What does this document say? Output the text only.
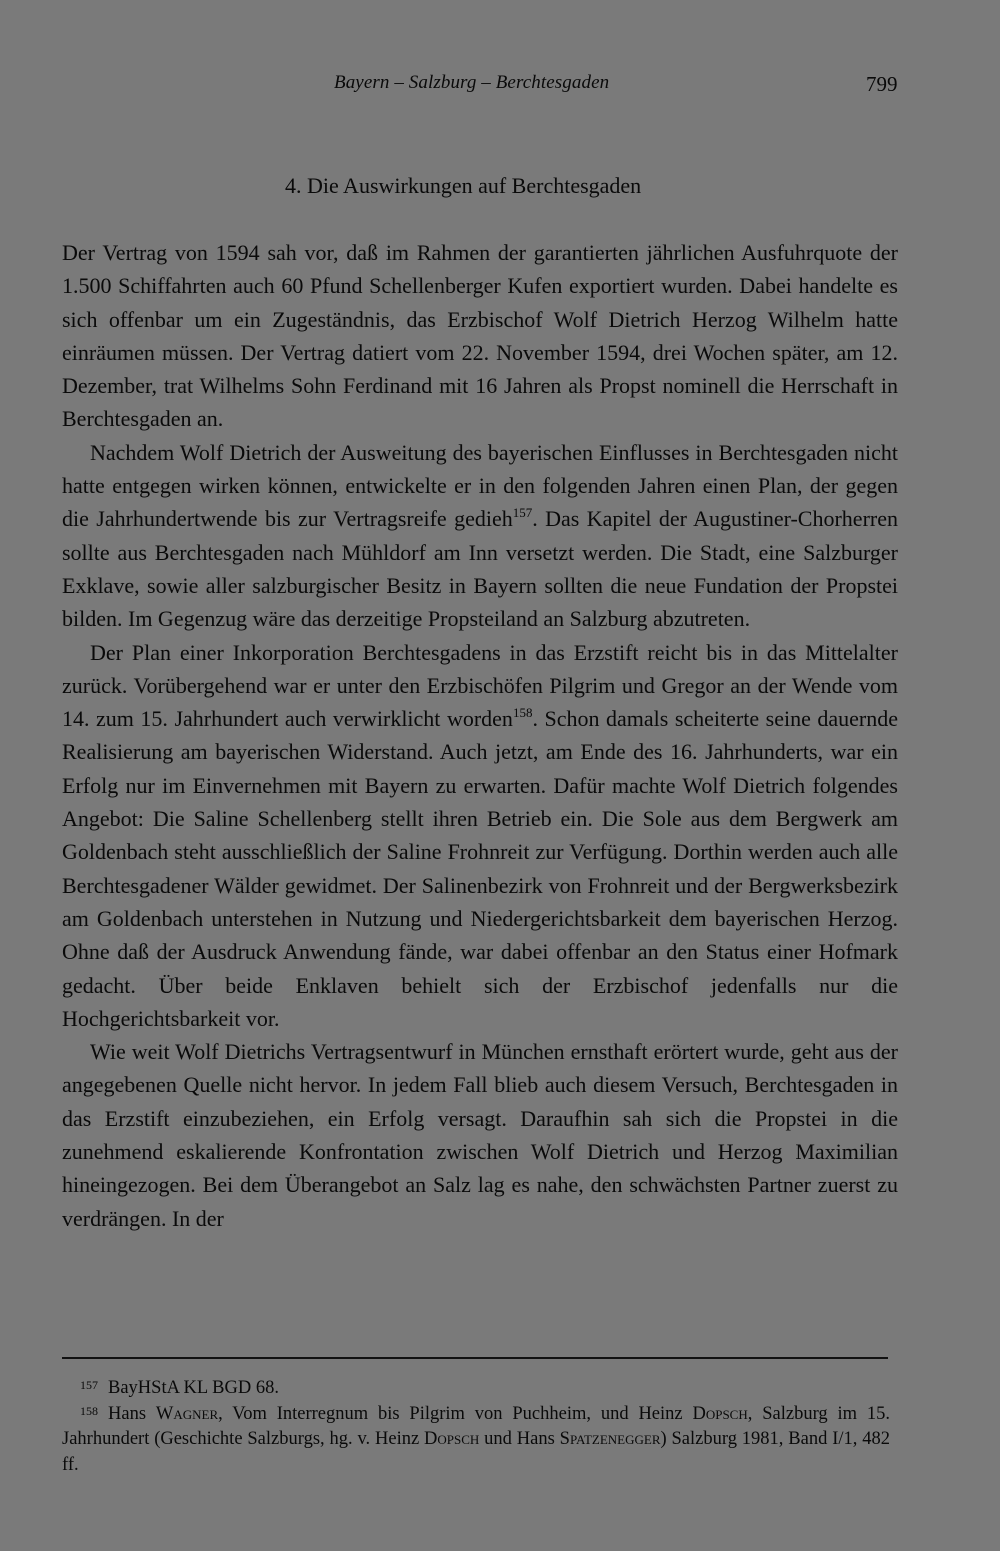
Bayern – Salzburg – Berchtesgaden	799
4. Die Auswirkungen auf Berchtesgaden

Der Vertrag von 1594 sah vor, daß im Rahmen der garantierten jährlichen Ausfuhrquote der 1.500 Schiffahrten auch 60 Pfund Schellenberger Kufen exportiert wurden. Dabei handelte es sich offenbar um ein Zugeständnis, das Erzbischof Wolf Dietrich Herzog Wilhelm hatte einräumen müssen. Der Vertrag datiert vom 22. November 1594, drei Wochen später, am 12. Dezember, trat Wilhelms Sohn Ferdinand mit 16 Jahren als Propst nominell die Herrschaft in Berchtesgaden an.

Nachdem Wolf Dietrich der Ausweitung des bayerischen Einflusses in Berchtesgaden nicht hatte entgegen wirken können, entwickelte er in den folgenden Jahren einen Plan, der gegen die Jahrhundertwende bis zur Vertragsreife gedieh$^{157}$. Das Kapitel der Augustiner-Chorherren sollte aus Berchtesgaden nach Mühldorf am Inn versetzt werden. Die Stadt, eine Salzburger Exklave, sowie aller salzburgischer Besitz in Bayern sollten die neue Fundation der Propstei bilden. Im Gegenzug wäre das derzeitige Propsteiland an Salzburg abzutreten.

Der Plan einer Inkorporation Berchtesgadens in das Erzstift reicht bis in das Mittelalter zurück. Vorübergehend war er unter den Erzbischöfen Pilgrim und Gregor an der Wende vom 14. zum 15. Jahrhundert auch verwirklicht worden$^{158}$. Schon damals scheiterte seine dauernde Realisierung am bayerischen Widerstand. Auch jetzt, am Ende des 16. Jahrhunderts, war ein Erfolg nur im Einvernehmen mit Bayern zu erwarten. Dafür machte Wolf Dietrich folgendes Angebot: Die Saline Schellenberg stellt ihren Betrieb ein. Die Sole aus dem Bergwerk am Goldenbach steht ausschließlich der Saline Frohnreit zur Verfügung. Dorthin werden auch alle Berchtesgadener Wälder gewidmet. Der Salinenbezirk von Frohnreit und der Bergwerksbezirk am Goldenbach unterstehen in Nutzung und Niedergerichtsbarkeit dem bayerischen Herzog. Ohne daß der Ausdruck Anwendung fände, war dabei offenbar an den Status einer Hofmark gedacht. Über beide Enklaven behielt sich der Erzbischof jedenfalls nur die Hochgerichtsbarkeit vor.

Wie weit Wolf Dietrichs Vertragsentwurf in München ernsthaft erörtert wurde, geht aus der angegebenen Quelle nicht hervor. In jedem Fall blieb auch diesem Versuch, Berchtesgaden in das Erzstift einzubeziehen, ein Erfolg versagt. Daraufhin sah sich die Propstei in die zunehmend eskalierende Konfrontation zwischen Wolf Dietrich und Herzog Maximilian hineingezogen. Bei dem Überangebot an Salz lag es nahe, den schwächsten Partner zuerst zu verdrängen. In der

157 BayHStA KL BGD 68.

158 Hans Wagner, Vom Interregnum bis Pilgrim von Puchheim, und Heinz Dopsch, Salzburg im 15. Jahrhundert (Geschichte Salzburgs, hg. v. Heinz Dopsch und Hans Spatzenegger) Salzburg 1981, Band I/1, 482 ff.
